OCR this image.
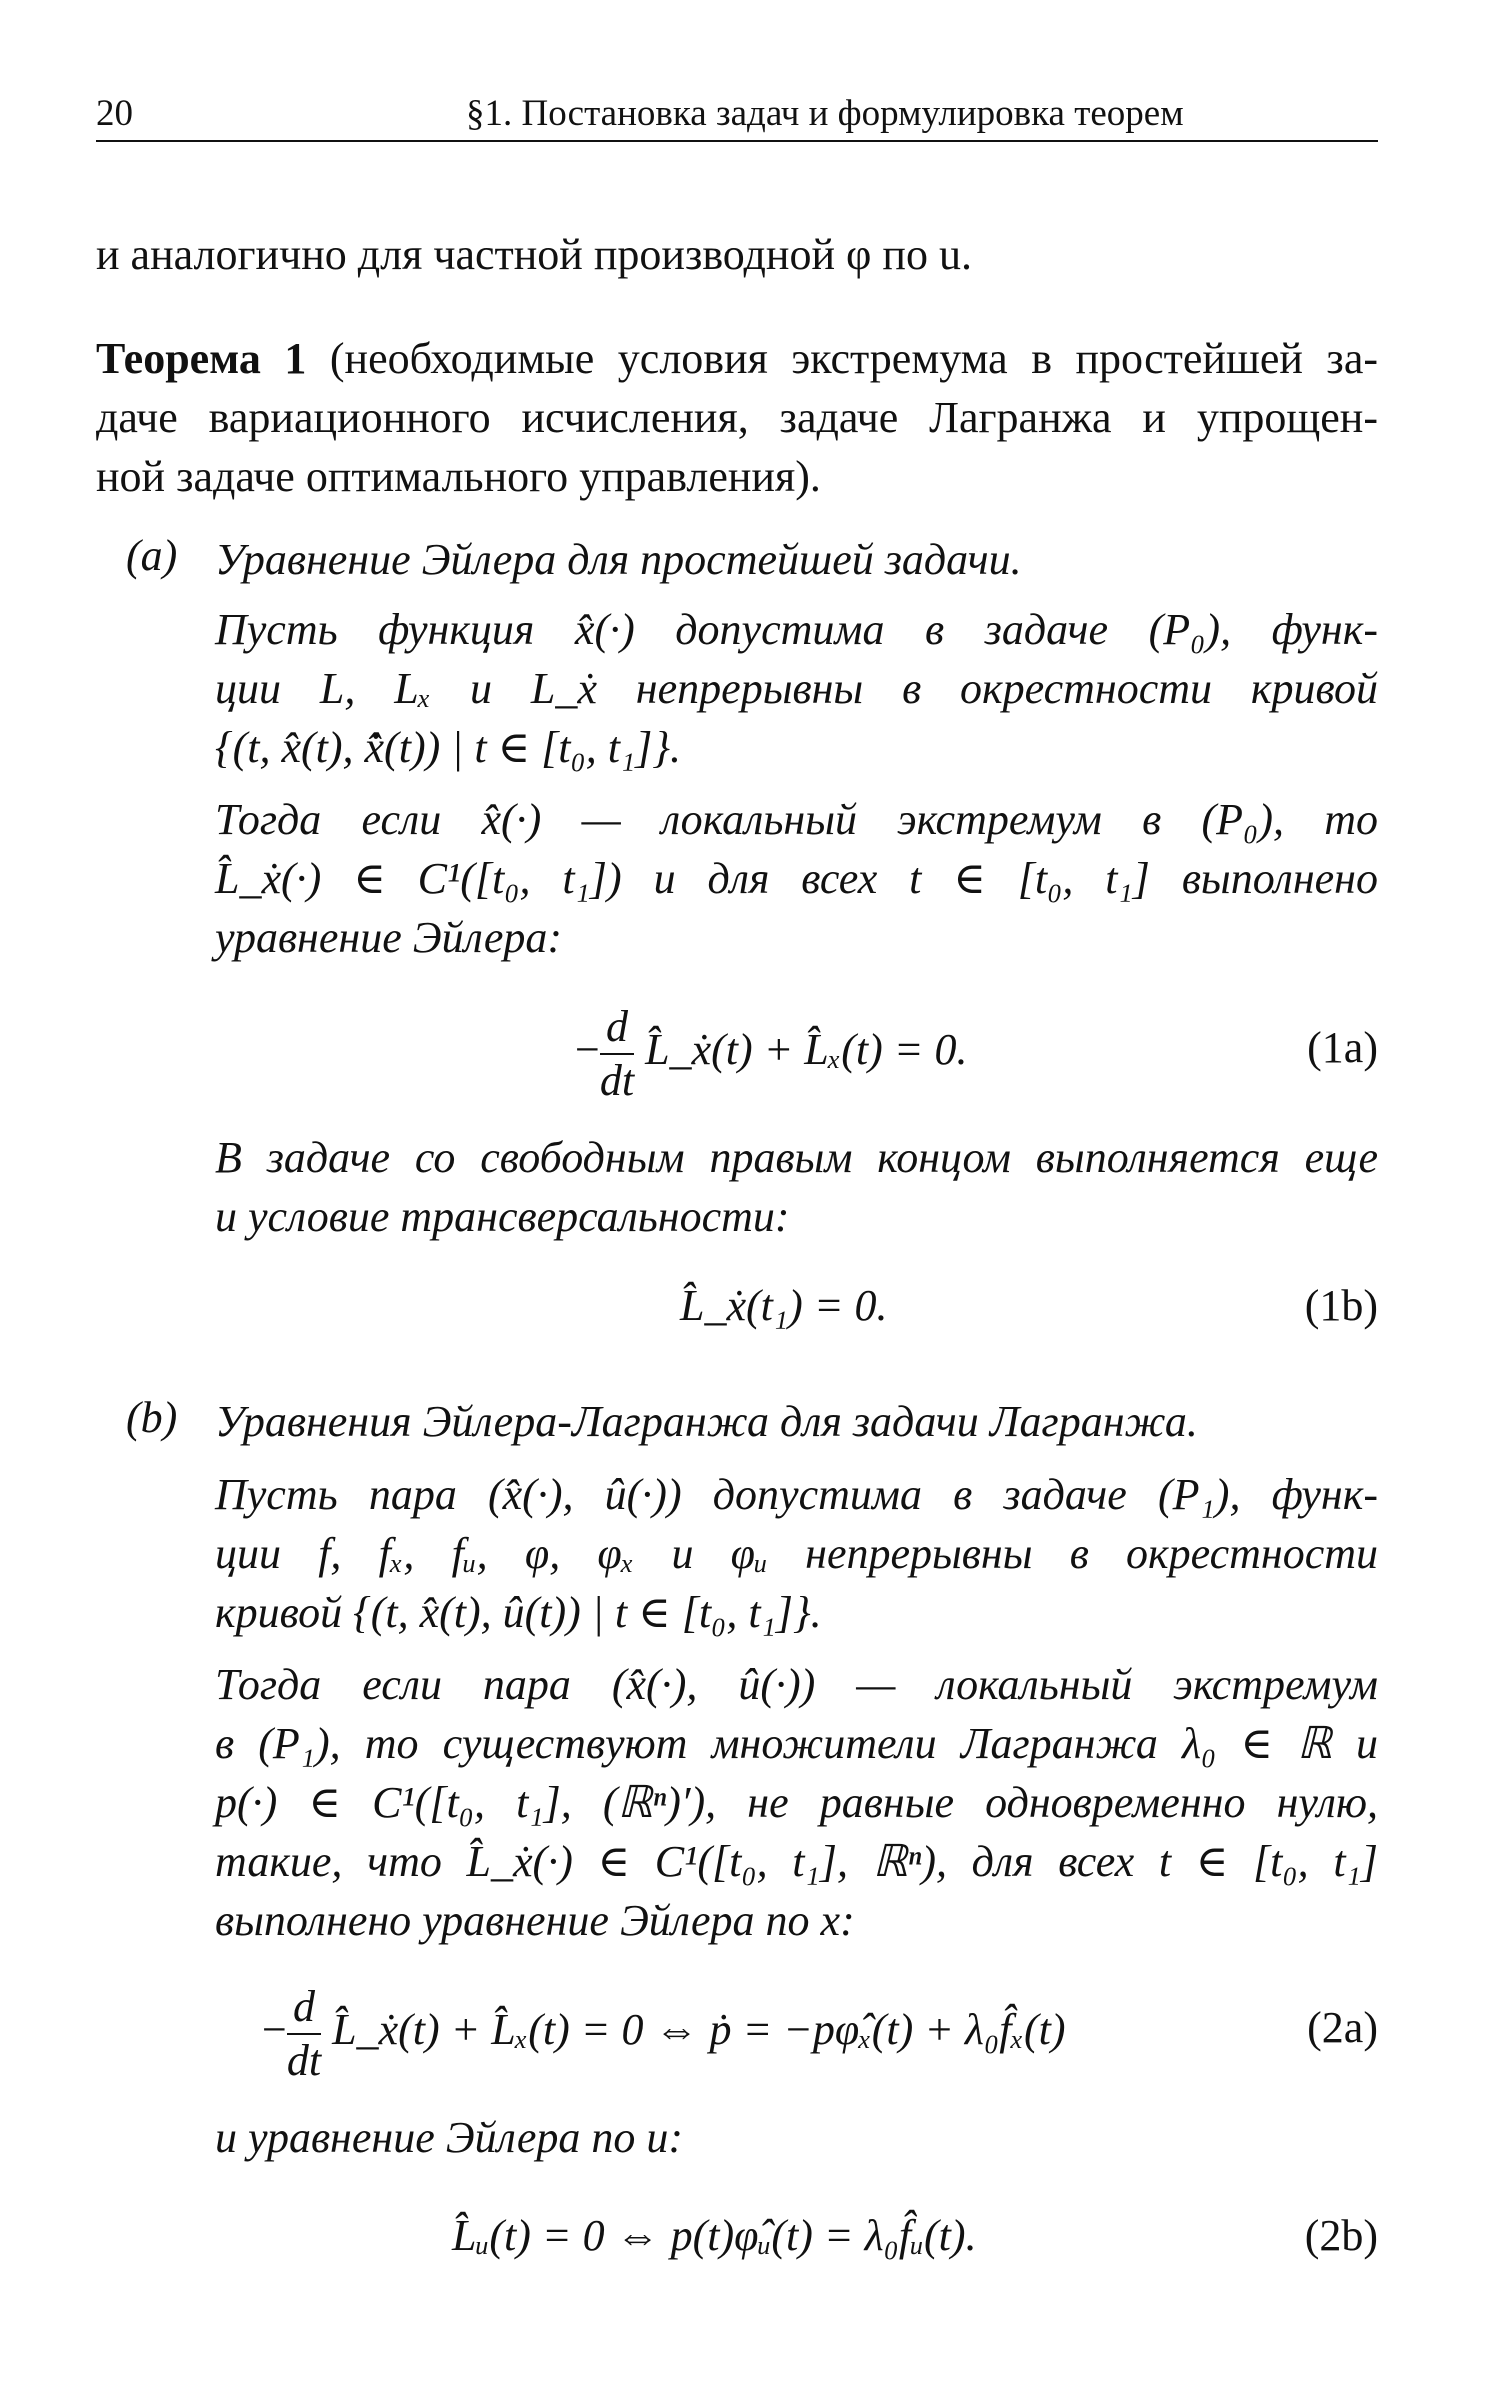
20	§1. Постановка задач и формулировка теорем

и аналогично для частной производной φ по u.

Теорема 1 (необходимые условия экстремума в простейшей за-
даче вариационного исчисления, задаче Лагранжа и упрощен-
ной задаче оптимального управления).
(a) Уравнение Эйлера для простейшей задачи.
Пусть функция x̂(·) допустима в задаче (P₀), функ-
ции L, Lₓ и L_ẋ непрерывны в окрестности кривой
{(t, x̂(t), x̂̇(t)) | t ∈ [t₀, t₁]}.
Тогда если x̂(·) — локальный экстремум в (P₀), то
L̂_ẋ(·) ∈ C¹([t₀, t₁]) и для всех t ∈ [t₀, t₁] выполнено
уравнение Эйлера:
− $\frac{d}{dt}$ L̂_ẋ(t) + L̂ₓ(t) = 0.	(1a)
В задаче со свободным правым концом выполняется еще
и условие трансверсальности:
L̂_ẋ(t₁) = 0.	(1b)
(b) Уравнения Эйлера-Лагранжа для задачи Лагранжа.
Пусть пара (x̂(·), û(·)) допустима в задаче (P₁), функ-
ции f, fₓ, fᵤ, φ, φₓ и φᵤ непрерывны в окрестности
кривой {(t, x̂(t), û(t)) | t ∈ [t₀, t₁]}.
Тогда если пара (x̂(·), û(·)) — локальный экстремум
в (P₁), то существуют множители Лагранжа λ₀ ∈ ℝ и
p(·) ∈ C¹([t₀, t₁], (ℝⁿ)′), не равные одновременно нулю,
такие, что L̂_ẋ(·) ∈ C¹([t₀, t₁], ℝⁿ), для всех t ∈ [t₀, t₁]
выполнено уравнение Эйлера по x:
− $\frac{d}{dt}$ L̂_ẋ(t) + L̂ₓ(t) = 0 ⇔ ṗ = −pφ̂ₓ(t) + λ₀f̂ₓ(t)	(2a)
и уравнение Эйлера по u:
L̂ᵤ(t) = 0 ⇔ p(t)φ̂ᵤ(t) = λ₀f̂ᵤ(t).	(2b)
